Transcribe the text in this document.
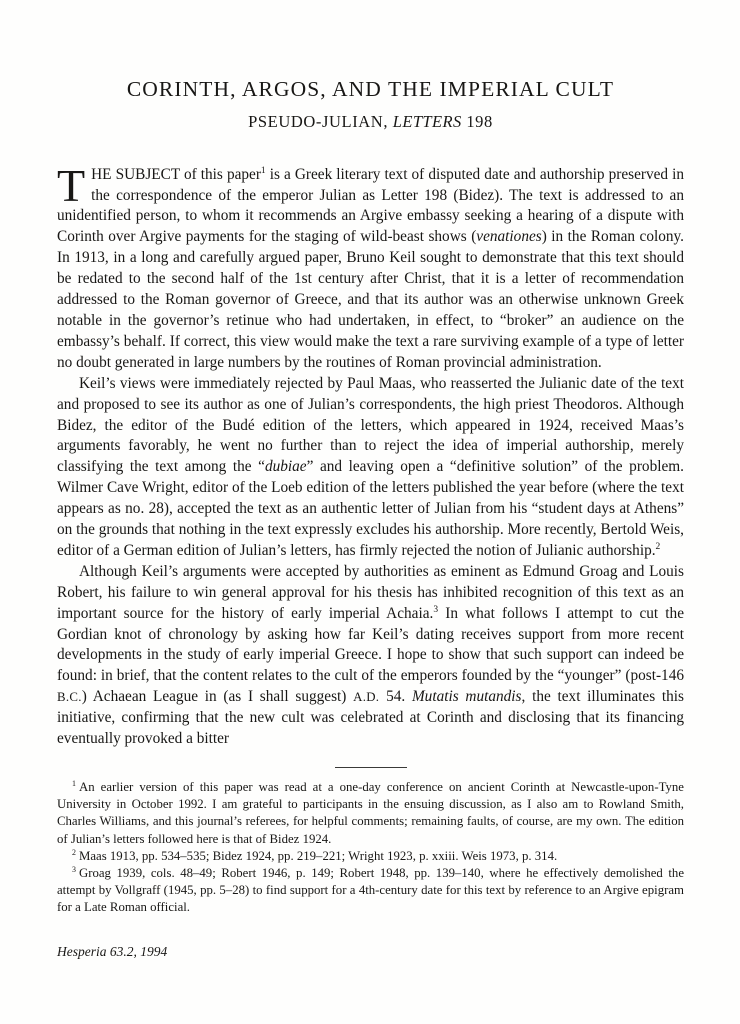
CORINTH, ARGOS, AND THE IMPERIAL CULT
PSEUDO-JULIAN, LETTERS 198

THE SUBJECT of this paper$^1$ is a Greek literary text of disputed date and authorship preserved in the correspondence of the emperor Julian as Letter 198 (Bidez). The text is addressed to an unidentified person, to whom it recommends an Argive embassy seeking a hearing of a dispute with Corinth over Argive payments for the staging of wild-beast shows (venationes) in the Roman colony. In 1913, in a long and carefully argued paper, Bruno Keil sought to demonstrate that this text should be redated to the second half of the 1st century after Christ, that it is a letter of recommendation addressed to the Roman governor of Greece, and that its author was an otherwise unknown Greek notable in the governor’s retinue who had undertaken, in effect, to “broker” an audience on the embassy’s behalf. If correct, this view would make the text a rare surviving example of a type of letter no doubt generated in large numbers by the routines of Roman provincial administration.

Keil’s views were immediately rejected by Paul Maas, who reasserted the Julianic date of the text and proposed to see its author as one of Julian’s correspondents, the high priest Theodoros. Although Bidez, the editor of the Budé edition of the letters, which appeared in 1924, received Maas’s arguments favorably, he went no further than to reject the idea of imperial authorship, merely classifying the text among the “dubiae” and leaving open a “definitive solution” of the problem. Wilmer Cave Wright, editor of the Loeb edition of the letters published the year before (where the text appears as no. 28), accepted the text as an authentic letter of Julian from his “student days at Athens” on the grounds that nothing in the text expressly excludes his authorship. More recently, Bertold Weis, editor of a German edition of Julian’s letters, has firmly rejected the notion of Julianic authorship.$^2$

Although Keil’s arguments were accepted by authorities as eminent as Edmund Groag and Louis Robert, his failure to win general approval for his thesis has inhibited recognition of this text as an important source for the history of early imperial Achaia.$^3$ In what follows I attempt to cut the Gordian knot of chronology by asking how far Keil’s dating receives support from more recent developments in the study of early imperial Greece. I hope to show that such support can indeed be found: in brief, that the content relates to the cult of the emperors founded by the “younger” (post-146 B.C.) Achaean League in (as I shall suggest) A.D. 54. Mutatis mutandis, the text illuminates this initiative, confirming that the new cult was celebrated at Corinth and disclosing that its financing eventually provoked a bitter

$^1$ An earlier version of this paper was read at a one-day conference on ancient Corinth at Newcastle-upon-Tyne University in October 1992. I am grateful to participants in the ensuing discussion, as I also am to Rowland Smith, Charles Williams, and this journal’s referees, for helpful comments; remaining faults, of course, are my own. The edition of Julian’s letters followed here is that of Bidez 1924.

$^2$ Maas 1913, pp. 534–535; Bidez 1924, pp. 219–221; Wright 1923, p. xxiii. Weis 1973, p. 314.

$^3$ Groag 1939, cols. 48–49; Robert 1946, p. 149; Robert 1948, pp. 139–140, where he effectively demolished the attempt by Vollgraff (1945, pp. 5–28) to find support for a 4th-century date for this text by reference to an Argive epigram for a Late Roman official.

Hesperia 63.2, 1994
